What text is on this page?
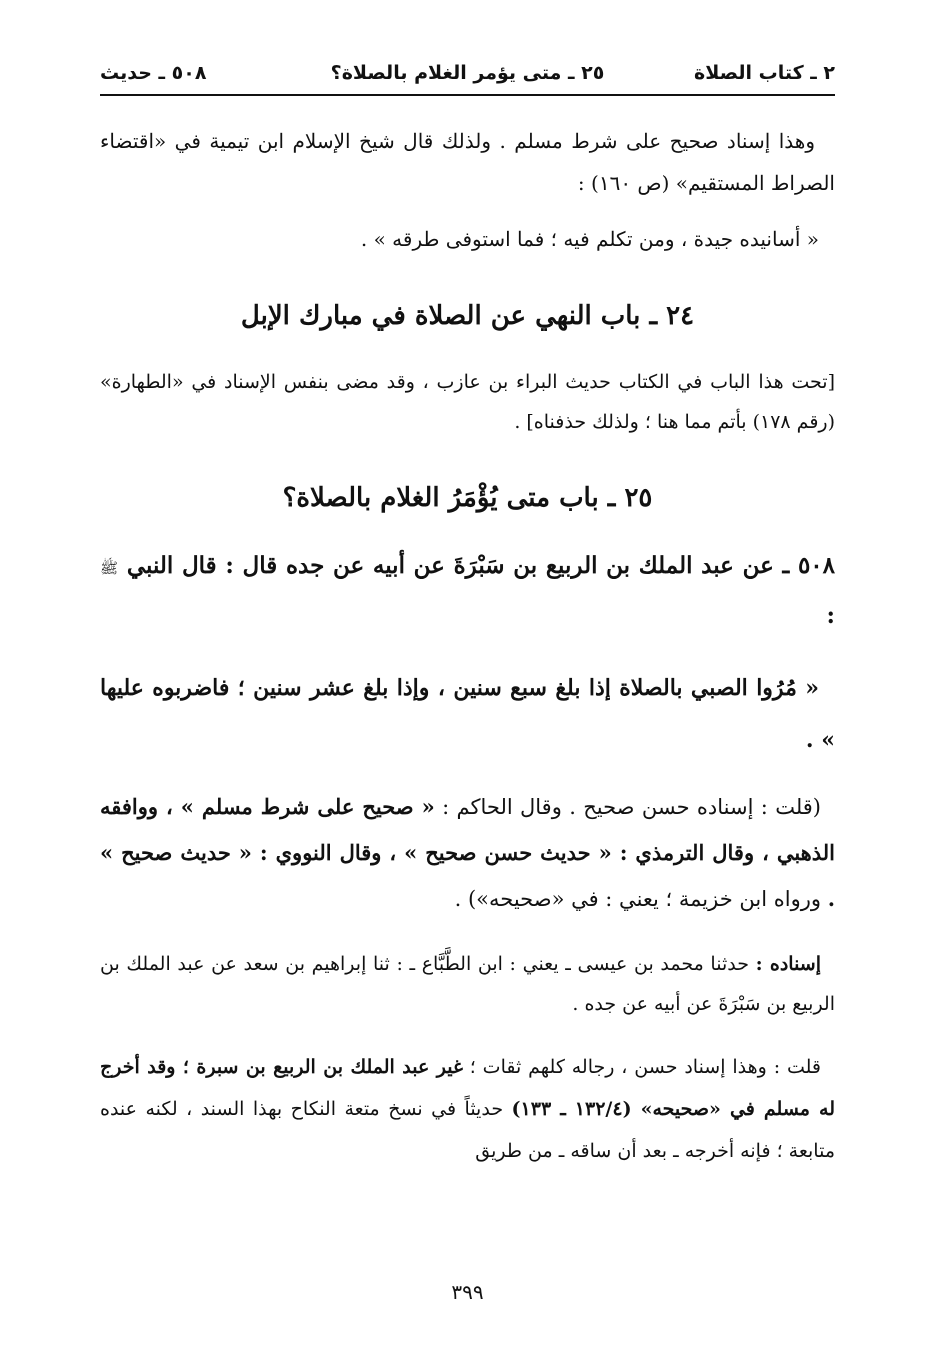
٢ ـ كتاب الصلاة
٢٥ ـ متى يؤمر الغلام بالصلاة؟
٥٠٨ ـ حديث

وهذا إسناد صحيح على شرط مسلم . ولذلك قال شيخ الإسلام ابن تيمية في «اقتضاء الصراط المستقيم» (ص ١٦٠) :

« أسانيده جيدة ، ومن تكلم فيه ؛ فما استوفى طرقه » .

٢٤ ـ باب النهي عن الصلاة في مبارك الإبل

[تحت هذا الباب في الكتاب حديث البراء بن عازب ، وقد مضى بنفس الإسناد في «الطهارة» (رقم ١٧٨) بأتم مما هنا ؛ ولذلك حذفناه] .

٢٥ ـ باب متى يُؤْمَرُ الغلام بالصلاة؟

٥٠٨ ـ عن عبد الملك بن الربيع بن سَبْرَةَ عن أبيه عن جده قال : قال النبي ﷺ :

« مُرُوا الصبي بالصلاة إذا بلغ سبع سنين ، وإذا بلغ عشر سنين ؛ فاضربوه عليها » .

(قلت : إسناده حسن صحيح . وقال الحاكم : « صحيح على شرط مسلم » ، ووافقه الذهبي ، وقال الترمذي : « حديث حسن صحيح » ، وقال النووي : « حديث صحيح » . ورواه ابن خزيمة ؛ يعني : في «صحيحه») .

إسناده : حدثنا محمد بن عيسى ـ يعني : ابن الطَّبَّاع ـ : ثنا إبراهيم بن سعد عن عبد الملك بن الربيع بن سَبْرَةَ عن أبيه عن جده .

قلت : وهذا إسناد حسن ، رجاله كلهم ثقات ؛ غير عبد الملك بن الربيع بن سبرة ؛ وقد أخرج له مسلم في «صحيحه» (١٣٢/٤ ـ ١٣٣) حديثاً في نسخ متعة النكاح بهذا السند ، لكنه عنده متابعة ؛ فإنه أخرجه ـ بعد أن ساقه ـ من طريق

٣٩٩
